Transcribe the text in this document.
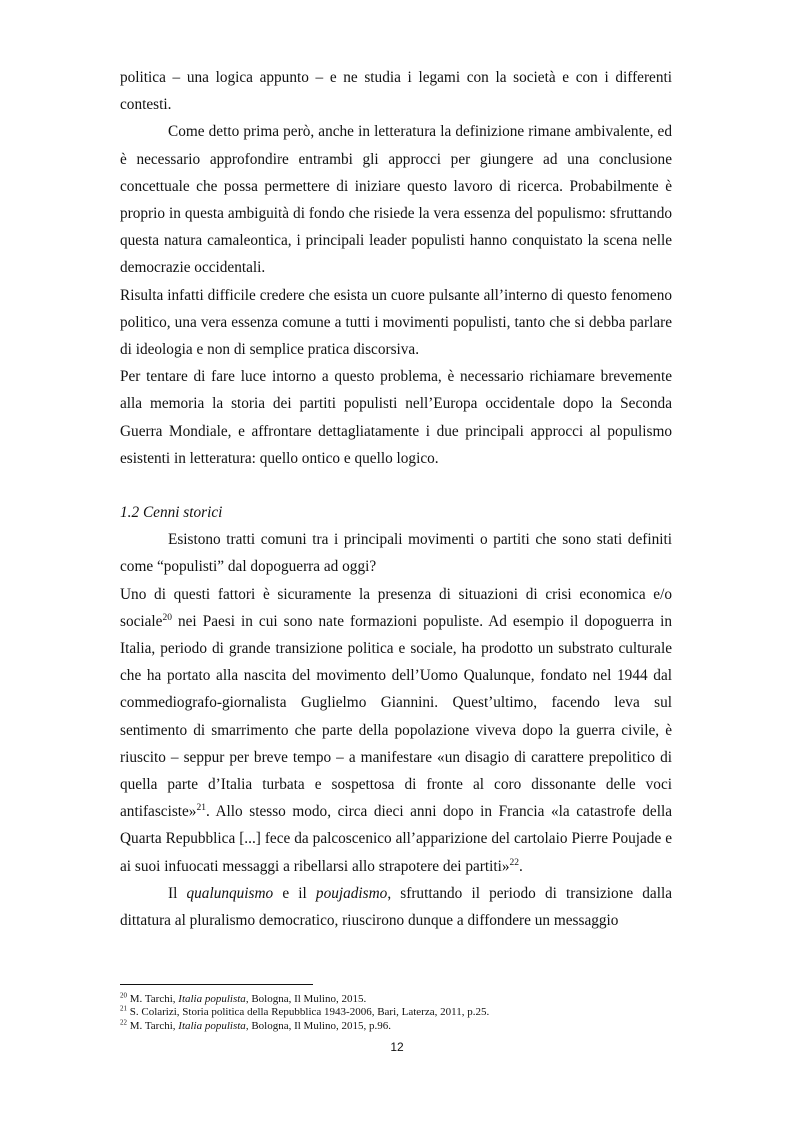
politica – una logica appunto – e ne studia i legami con la società e con i differenti contesti.

Come detto prima però, anche in letteratura la definizione rimane ambivalente, ed è necessario approfondire entrambi gli approcci per giungere ad una conclusione concettuale che possa permettere di iniziare questo lavoro di ricerca. Probabilmente è proprio in questa ambiguità di fondo che risiede la vera essenza del populismo: sfruttando questa natura camaleontica, i principali leader populisti hanno conquistato la scena nelle democrazie occidentali.

Risulta infatti difficile credere che esista un cuore pulsante all’interno di questo fenomeno politico, una vera essenza comune a tutti i movimenti populisti, tanto che si debba parlare di ideologia e non di semplice pratica discorsiva.

Per tentare di fare luce intorno a questo problema, è necessario richiamare brevemente alla memoria la storia dei partiti populisti nell’Europa occidentale dopo la Seconda Guerra Mondiale, e affrontare dettagliatamente i due principali approcci al populismo esistenti in letteratura: quello ontico e quello logico.

1.2 Cenni storici

Esistono tratti comuni tra i principali movimenti o partiti che sono stati definiti come “populisti” dal dopoguerra ad oggi?

Uno di questi fattori è sicuramente la presenza di situazioni di crisi economica e/o sociale$^{20}$ nei Paesi in cui sono nate formazioni populiste. Ad esempio il dopoguerra in Italia, periodo di grande transizione politica e sociale, ha prodotto un substrato culturale che ha portato alla nascita del movimento dell’Uomo Qualunque, fondato nel 1944 dal commediografo-giornalista Guglielmo Giannini. Quest’ultimo, facendo leva sul sentimento di smarrimento che parte della popolazione viveva dopo la guerra civile, è riuscito – seppur per breve tempo – a manifestare «un disagio di carattere prepolitico di quella parte d’Italia turbata e sospettosa di fronte al coro dissonante delle voci antifasciste»$^{21}$. Allo stesso modo, circa dieci anni dopo in Francia «la catastrofe della Quarta Repubblica [...] fece da palcoscenico all’apparizione del cartolaio Pierre Poujade e ai suoi infuocati messaggi a ribellarsi allo strapotere dei partiti»$^{22}$.

Il qualunquismo e il poujadismo, sfruttando il periodo di transizione dalla dittatura al pluralismo democratico, riuscirono dunque a diffondere un messaggio

$^{20}$ M. Tarchi, Italia populista, Bologna, Il Mulino, 2015.

$^{21}$ S. Colarizi, Storia politica della Repubblica 1943-2006, Bari, Laterza, 2011, p.25.

$^{22}$ M. Tarchi, Italia populista, Bologna, Il Mulino, 2015, p.96.

12
